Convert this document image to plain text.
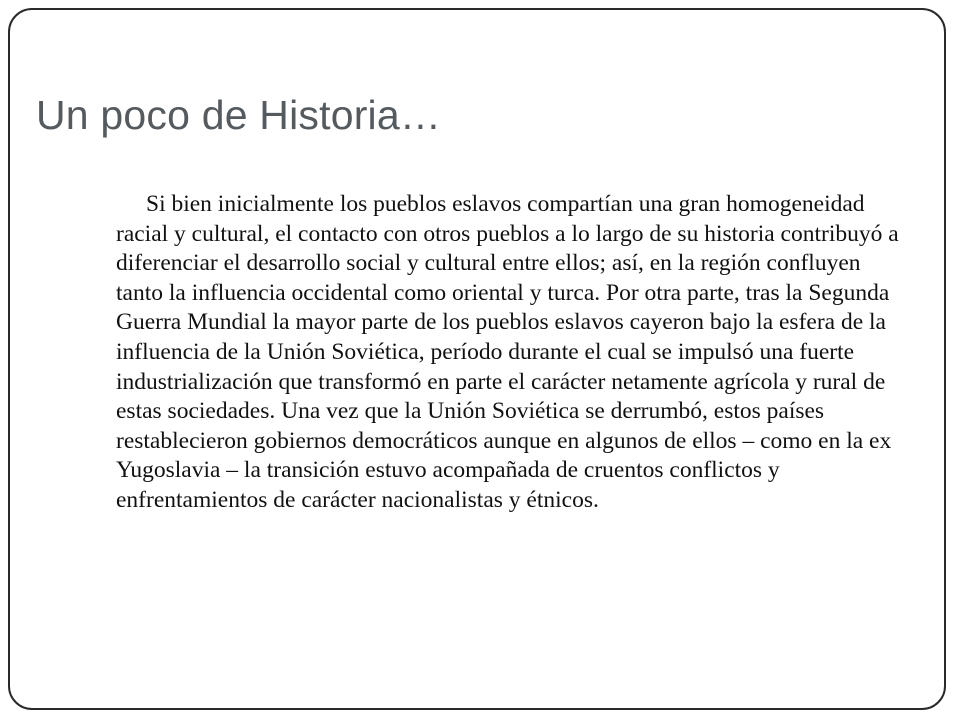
Un poco de Historia…

Si bien inicialmente los pueblos eslavos compartían una gran homogeneidad racial y cultural, el contacto con otros pueblos a lo largo de su historia contribuyó a diferenciar el desarrollo social y cultural entre ellos; así, en la región confluyen tanto la influencia occidental como oriental y turca. Por otra parte, tras la Segunda Guerra Mundial la mayor parte de los pueblos eslavos cayeron bajo la esfera de la influencia de la Unión Soviética, período durante el cual se impulsó una fuerte industrialización que transformó en parte el carácter netamente agrícola y rural de estas sociedades. Una vez que la Unión Soviética se derrumbó, estos países restablecieron gobiernos democráticos aunque en algunos de ellos – como en la ex Yugoslavia – la transición estuvo acompañada de cruentos conflictos y enfrentamientos de carácter nacionalistas y étnicos.
